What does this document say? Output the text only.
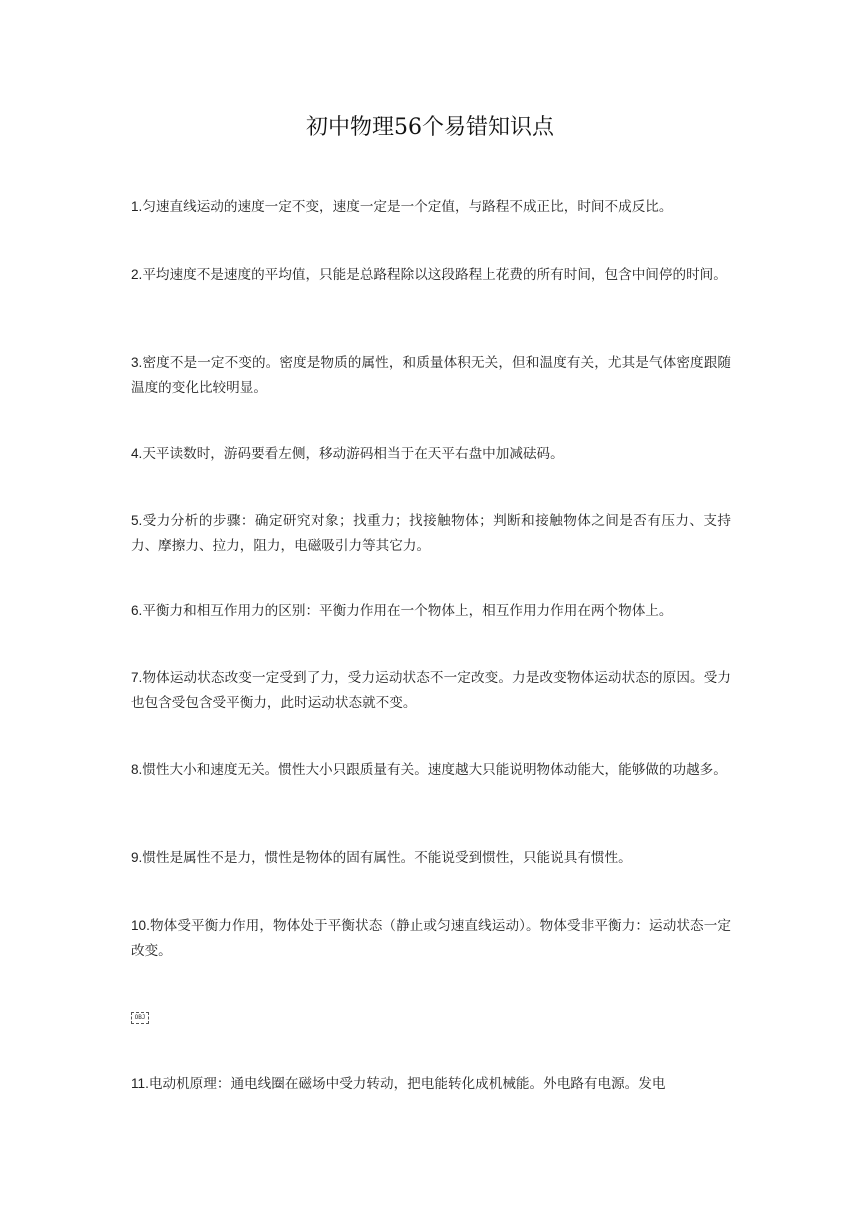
初中物理56个易错知识点
1.匀速直线运动的速度一定不变，速度一定是一个定值，与路程不成正比，时间不成反比。
2.平均速度不是速度的平均值，只能是总路程除以这段路程上花费的所有时间，包含中间停的时间。
3.密度不是一定不变的。密度是物质的属性，和质量体积无关，但和温度有关，尤其是气体密度跟随温度的变化比较明显。
4.天平读数时，游码要看左侧，移动游码相当于在天平右盘中加减砝码。
5.受力分析的步骤：确定研究对象；找重力；找接触物体；判断和接触物体之间是否有压力、支持力、摩擦力、拉力，阻力，电磁吸引力等其它力。
6.平衡力和相互作用力的区别：平衡力作用在一个物体上，相互作用力作用在两个物体上。
7.物体运动状态改变一定受到了力，受力运动状态不一定改变。力是改变物体运动状态的原因。受力也包含受包含受平衡力，此时运动状态就不变。
8.惯性大小和速度无关。惯性大小只跟质量有关。速度越大只能说明物体动能大，能够做的功越多。
9.惯性是属性不是力，惯性是物体的固有属性。不能说受到惯性，只能说具有惯性。
10.物体受平衡力作用，物体处于平衡状态（静止或匀速直线运动）。物体受非平衡力：运动状态一定改变。
OBJ
11.电动机原理：通电线圈在磁场中受力转动，把电能转化成机械能。外电路有电源。发电
